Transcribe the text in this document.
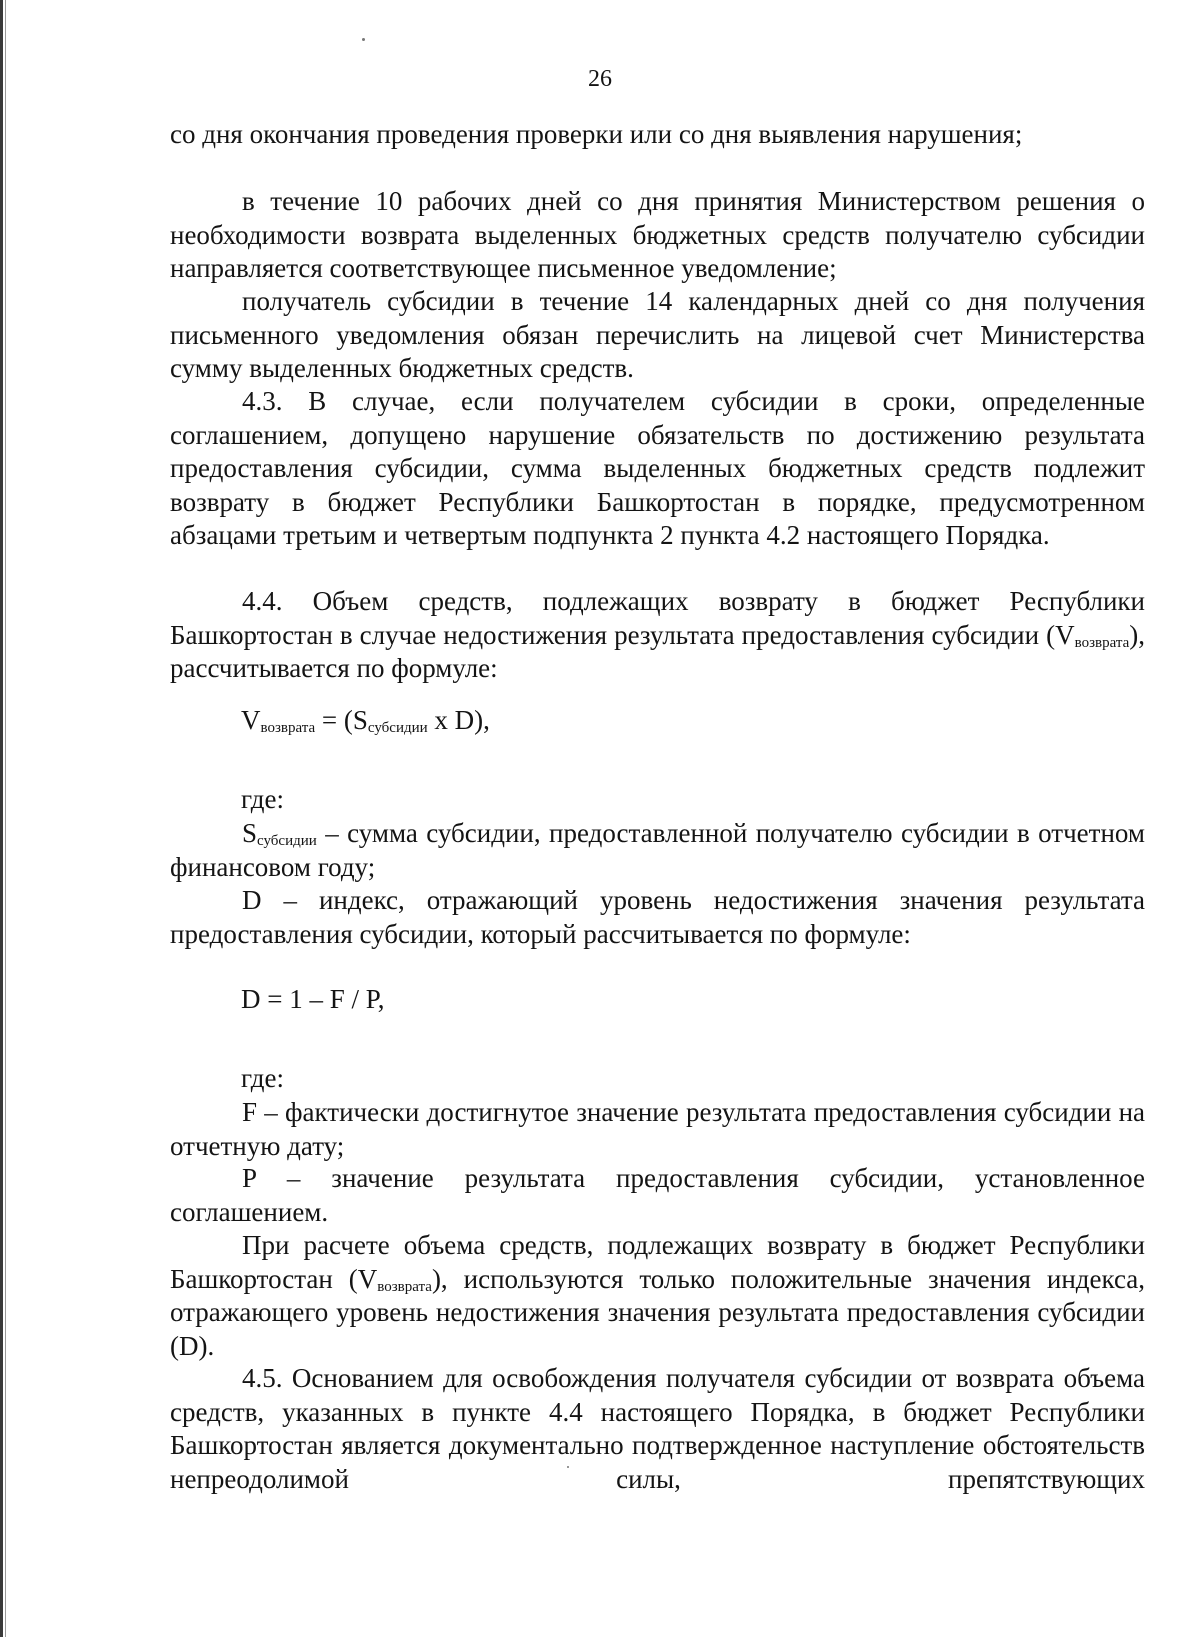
26

со дня окончания проведения проверки или со дня выявления нарушения;

в течение 10 рабочих дней со дня принятия Министерством решения о необходимости возврата выделенных бюджетных средств получателю субсидии направляется соответствующее письменное уведомление;

получатель субсидии в течение 14 календарных дней со дня получения письменного уведомления обязан перечислить на лицевой счет Министерства сумму выделенных бюджетных средств.

4.3. В случае, если получателем субсидии в сроки, определенные соглашением, допущено нарушение обязательств по достижению результата предоставления субсидии, сумма выделенных бюджетных средств подлежит возврату в бюджет Республики Башкортостан в порядке, предусмотренном абзацами третьим и четвертым подпункта 2 пункта 4.2 настоящего Порядка.

4.4. Объем средств, подлежащих возврату в бюджет Республики Башкортостан в случае недостижения результата предоставления субсидии $(V_{возврата})$, рассчитывается по формуле:

$V_{возврата} = (S_{субсидии}$ x D),
где:

$S_{субсидии}$ – сумма субсидии, предоставленной получателю субсидии в отчетном финансовом году;

D – индекс, отражающий уровень недостижения значения результата предоставления субсидии, который рассчитывается по формуле:

D = 1 – F / P,
где:

F – фактически достигнутое значение результата предоставления субсидии на отчетную дату;

P – значение результата предоставления субсидии, установленное соглашением.

При расчете объема средств, подлежащих возврату в бюджет Республики Башкортостан $(V_{возврата})$, используются только положительные значения индекса, отражающего уровень недостижения значения результата предоставления субсидии (D).

4.5. Основанием для освобождения получателя субсидии от возврата объема средств, указанных в пункте 4.4 настоящего Порядка, в бюджет Республики Башкортостан является документально подтвержденное наступление обстоятельств непреодолимой силы, препятствующих
